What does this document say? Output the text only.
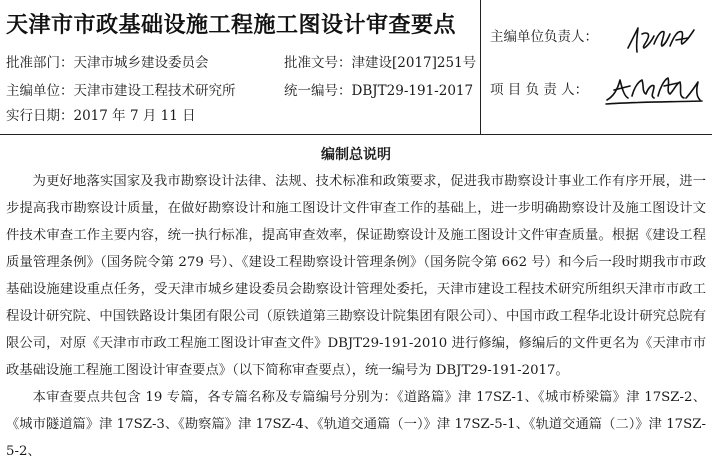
天津市市政基础设施工程施工图设计审查要点
批准部门：天津市城乡建设委员会	批准文号：津建设[2017]251号
主编单位：天津市建设工程技术研究所	统一编号：DBJT29-191-2017
实行日期：2017 年 7 月 11 日
主编单位负责人：
项 目 负 责 人：
编制总说明

为更好地落实国家及我市勘察设计法律、法规、技术标准和政策要求，促进我市勘察设计事业工作有序开展，进一步提高我市勘察设计质量，在做好勘察设计和施工图设计文件审查工作的基础上，进一步明确勘察设计及施工图设计文件技术审查工作主要内容，统一执行标准，提高审查效率，保证勘察设计及施工图设计文件审查质量。根据《建设工程质量管理条例》（国务院令第 279 号）、《建设工程勘察设计管理条例》（国务院令第 662 号）和今后一段时期我市市政基础设施建设重点任务，受天津市城乡建设委员会勘察设计管理处委托，天津市建设工程技术研究所组织天津市市政工程设计研究院、中国铁路设计集团有限公司（原铁道第三勘察设计院集团有限公司）、中国市政工程华北设计研究总院有限公司，对原《天津市市政工程施工图设计审查文件》DBJT29-191-2010 进行修编，修编后的文件更名为《天津市市政基础设施工程施工图设计审查要点》（以下简称审查要点），统一编号为 DBJT29-191-2017。

本审查要点共包含 19 专篇，各专篇名称及专篇编号分别为：《道路篇》津 17SZ-1、《城市桥梁篇》津 17SZ-2、《城市隧道篇》津 17SZ-3、《勘察篇》津 17SZ-4、《轨道交通篇（一）》津 17SZ-5-1、《轨道交通篇（二）》津 17SZ-5-2、
